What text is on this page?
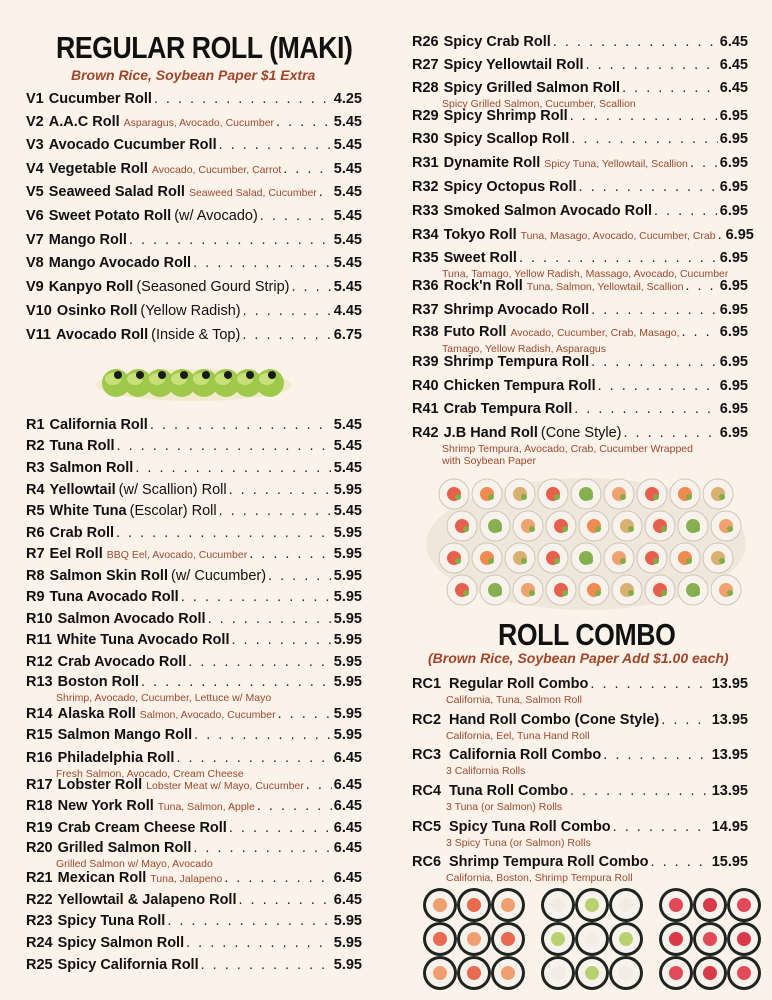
REGULAR ROLL (MAKI)
Brown Rice, Soybean Paper $1 Extra
V1 Cucumber Roll . . .	4.25
V2 A.A.C Roll Asparagus, Avocado, Cucumber . . .	5.45
V3 Avocado Cucumber Roll . . .	5.45
V4 Vegetable Roll Avocado, Cucumber, Carrot . . .	5.45
V5 Seaweed Salad Roll Seaweed Salad, Cucumber . . . 5.45
V6 Sweet Potato Roll (w/ Avocado) . . .	5.45
V7 Mango Roll . . .	5.45
V8 Mango Avocado Roll . . .	5.45
V9 Kanpyo Roll (Seasoned Gourd Strip) . . .	5.45
V10 Osinko Roll (Yellow Radish) . . .	4.45
V11 Avocado Roll (Inside & Top) . . .	6.75
R1 California Roll . . .	5.45
R2 Tuna Roll . . .	5.45
R3 Salmon Roll . . .	5.45
R4 Yellowtail (w/ Scallion) Roll . . .	5.95
R5 White Tuna (Escolar) Roll . . .	5.45
R6 Crab Roll . . .	5.95
R7 Eel Roll BBQ Eel, Avocado, Cucumber . . .	5.95
R8 Salmon Skin Roll (w/ Cucumber) . . .	5.95
R9 Tuna Avocado Roll . . .	5.95
R10 Salmon Avocado Roll . . .	5.95
R11 White Tuna Avocado Roll . . .	5.95
R12 Crab Avocado Roll . . .	5.95
R13 Boston Roll . . .	5.95
Shrimp, Avocado, Cucumber, Lettuce w/ Mayo
R14 Alaska Roll Salmon, Avocado, Cucumber . . .	5.95
R15 Salmon Mango Roll . . .	5.95
R16 Philadelphia Roll . . .	6.45
Fresh Salmon, Avocado, Cream Cheese
R17 Lobster Roll Lobster Meat w/ Mayo, Cucumber . . . 6.45
R18 New York Roll Tuna, Salmon, Apple . . .	6.45
R19 Crab Cream Cheese Roll . . .	6.45
R20 Grilled Salmon Roll . . .	6.45
Grilled Salmon w/ Mayo, Avocado
R21 Mexican Roll Tuna, Jalapeno . . .	6.45
R22 Yellowtail & Jalapeno Roll . . .	6.45
R23 Spicy Tuna Roll . . .	5.95
R24 Spicy Salmon Roll . . .	5.95
R25 Spicy California Roll . . .	5.95
R26 Spicy Crab Roll . . .	6.45
R27 Spicy Yellowtail Roll . . .	6.45
R28 Spicy Grilled Salmon Roll . . .	6.45
Spicy Grilled Salmon, Cucumber, Scallion
R29 Spicy Shrimp Roll . . .	6.95
R30 Spicy Scallop Roll . . .	6.95
R31 Dynamite Roll Spicy Tuna, Yellowtail, Scallion . . . 6.95
R32 Spicy Octopus Roll . . .	6.95
R33 Smoked Salmon Avocado Roll . . .	6.95
R34 Tokyo Roll Tuna, Masago, Avocado, Cucumber, Crab . . . 6.95
R35 Sweet Roll . . .	6.95
Tuna, Tamago, Yellow Radish, Massago, Avocado, Cucumber
R36 Rock'n Roll Tuna, Salmon, Yellowtail, Scallion . . .	6.95
R37 Shrimp Avocado Roll . . .	6.95
R38 Futo Roll Avocado, Cucumber, Crab, Masago, . . .	6.95
Tamago, Yellow Radish, Asparagus
R39 Shrimp Tempura Roll . . .	6.95
R40 Chicken Tempura Roll . . .	6.95
R41 Crab Tempura Roll . . .	6.95
R42 J.B Hand Roll (Cone Style) . . .	6.95
Shrimp Tempura, Avocado, Crab, Cucumber Wrapped
with Soybean Paper
ROLL COMBO
(Brown Rice, Soybean Paper Add $1.00 each)
RC1 Regular Roll Combo . . .	13.95
California, Tuna, Salmon Roll
RC2 Hand Roll Combo (Cone Style) . . .	13.95
California, Eel, Tuna Hand Roll
RC3 California Roll Combo . . .	13.95
3 California Rolls
RC4 Tuna Roll Combo . . .	13.95
3 Tuna (or Salmon) Rolls
RC5 Spicy Tuna Roll Combo . . .	14.95
3 Spicy Tuna (or Salmon) Rolls
RC6 Shrimp Tempura Roll Combo . . .	15.95
California, Boston, Shrimp Tempura Roll
